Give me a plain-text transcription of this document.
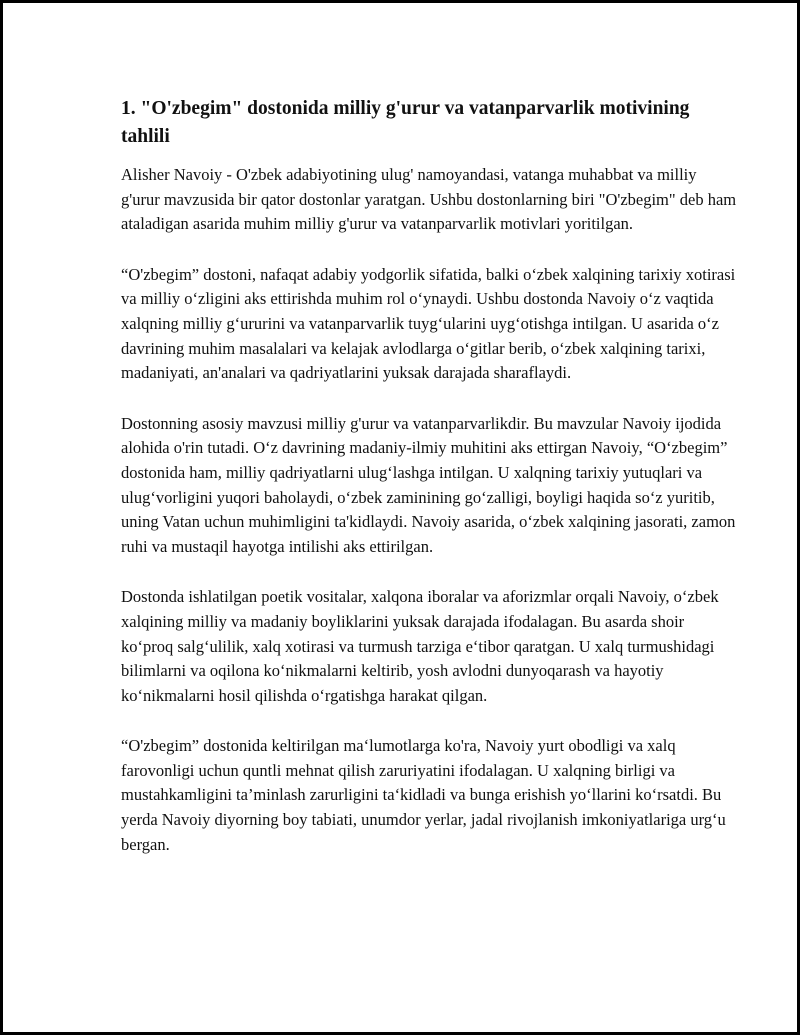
1. "O'zbegim" dostonida milliy g'urur va vatanparvarlik motivining tahlili

Alisher Navoiy - O'zbek adabiyotining ulug' namoyandasi, vatanga muhabbat va milliy g'urur mavzusida bir qator dostonlar yaratgan. Ushbu dostonlarning biri "O'zbegim" deb ham ataladigan asarida muhim milliy g'urur va vatanparvarlik motivlari yoritilgan.

“O'zbegim” dostoni, nafaqat adabiy yodgorlik sifatida, balki o‘zbek xalqining tarixiy xotirasi va milliy o‘zligini aks ettirishda muhim rol o‘ynaydi. Ushbu dostonda Navoiy o‘z vaqtida xalqning milliy g‘ururini va vatanparvarlik tuyg‘ularini uyg‘otishga intilgan. U asarida o‘z davrining muhim masalalari va kelajak avlodlarga o‘gitlar berib, o‘zbek xalqining tarixi, madaniyati, an'analari va qadriyatlarini yuksak darajada sharaflaydi.

Dostonning asosiy mavzusi milliy g'urur va vatanparvarlikdir. Bu mavzular Navoiy ijodida alohida o'rin tutadi. O‘z davrining madaniy-ilmiy muhitini aks ettirgan Navoiy, “O‘zbegim” dostonida ham, milliy qadriyatlarni ulug‘lashga intilgan. U xalqning tarixiy yutuqlari va ulug‘vorligini yuqori baholaydi, o‘zbek zaminining go‘zalligi, boyligi haqida so‘z yuritib, uning Vatan uchun muhimligini ta'kidlaydi. Navoiy asarida, o‘zbek xalqining jasorati, zamon ruhi va mustaqil hayotga intilishi aks ettirilgan.

Dostonda ishlatilgan poetik vositalar, xalqona iboralar va aforizmlar orqali Navoiy, o‘zbek xalqining milliy va madaniy boyliklarini yuksak darajada ifodalagan. Bu asarda shoir ko‘proq salg‘ulilik, xalq xotirasi va turmush tarziga e‘tibor qaratgan. U xalq turmushidagi bilimlarni va oqilona ko‘nikmalarni keltirib, yosh avlodni dunyoqarash va hayotiy ko‘nikmalarni hosil qilishda o‘rgatishga harakat qilgan.

“O'zbegim” dostonida keltirilgan ma‘lumotlarga ko'ra, Navoiy yurt obodligi va xalq farovonligi uchun quntli mehnat qilish zaruriyatini ifodalagan. U xalqning birligi va mustahkamligini ta’minlash zarurligini ta‘kidladi va bunga erishish yo‘llarini ko‘rsatdi. Bu yerda Navoiy diyorning boy tabiati, unumdor yerlar, jadal rivojlanish imkoniyatlariga urg‘u bergan.
